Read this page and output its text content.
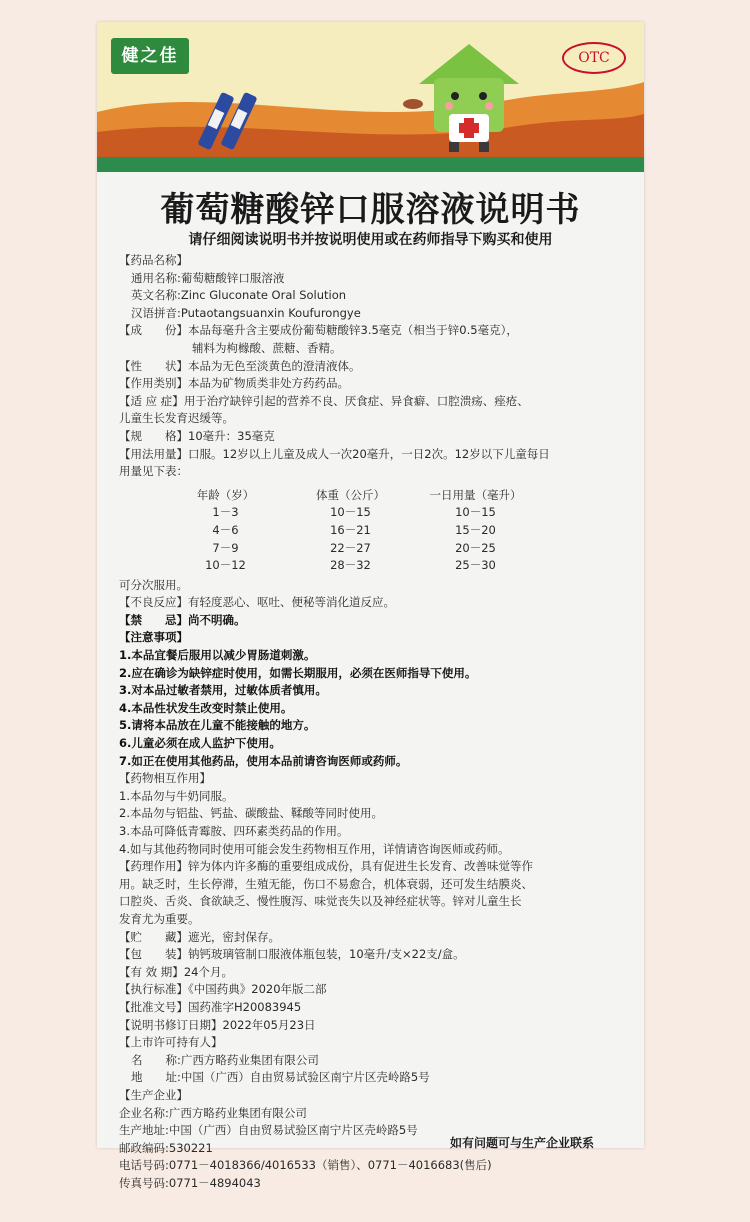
健之佳	OTC
葡萄糖酸锌口服溶液说明书
请仔细阅读说明书并按说明使用或在药师指导下购买和使用
【药品名称】
通用名称:葡萄糖酸锌口服溶液
英文名称:Zinc Gluconate Oral Solution
汉语拼音:Putaotangsuanxin Koufurongye
【成　　份】本品每毫升含主要成份葡萄糖酸锌3.5毫克（相当于锌0.5毫克），
辅料为枸橼酸、蔗糖、香精。
【性　　状】本品为无色至淡黄色的澄清液体。
【作用类别】本品为矿物质类非处方药药品。
【适 应 症】用于治疗缺锌引起的营养不良、厌食症、异食癖、口腔溃疡、痤疮、
儿童生长发育迟缓等。
【规　　格】10毫升：35毫克
【用法用量】口服。12岁以上儿童及成人一次20毫升，一日2次。12岁以下儿童每日
用量见下表：
年龄（岁）	体重（公斤）	一日用量（毫升）
1－3	10－15	10－15
4－6	16－21	15－20
7－9	22－27	20－25
10－12	28－32	25－30
可分次服用。
【不良反应】有轻度恶心、呕吐、便秘等消化道反应。
【禁　　忌】尚不明确。
【注意事项】
1.本品宜餐后服用以减少胃肠道刺激。
2.应在确诊为缺锌症时使用，如需长期服用，必须在医师指导下使用。
3.对本品过敏者禁用，过敏体质者慎用。
4.本品性状发生改变时禁止使用。
5.请将本品放在儿童不能接触的地方。
6.儿童必须在成人监护下使用。
7.如正在使用其他药品，使用本品前请咨询医师或药师。
【药物相互作用】
1.本品勿与牛奶同服。
2.本品勿与铝盐、钙盐、碳酸盐、鞣酸等同时使用。
3.本品可降低青霉胺、四环素类药品的作用。
4.如与其他药物同时使用可能会发生药物相互作用，详情请咨询医师或药师。
【药理作用】锌为体内许多酶的重要组成成份，具有促进生长发育、改善味觉等作
用。缺乏时，生长停滞，生殖无能，伤口不易愈合，机体衰弱，还可发生结膜炎、
口腔炎、舌炎、食欲缺乏、慢性腹泻、味觉丧失以及神经症状等。锌对儿童生长
发育尤为重要。
【贮　　藏】遮光，密封保存。
【包　　装】钠钙玻璃管制口服液体瓶包装，10毫升/支×22支/盒。
【有 效 期】24个月。
【执行标准】《中国药典》2020年版二部
【批准文号】国药准字H20083945
【说明书修订日期】2022年05月23日
【上市许可持有人】
名　　称:广西方略药业集团有限公司
地　　址:中国（广西）自由贸易试验区南宁片区壳岭路5号
【生产企业】
企业名称:广西方略药业集团有限公司
生产地址:中国（广西）自由贸易试验区南宁片区壳岭路5号
邮政编码:530221
电话号码:0771－4018366/4016533（销售）、0771－4016683(售后)
传真号码:0771－4894043
如有问题可与生产企业联系
